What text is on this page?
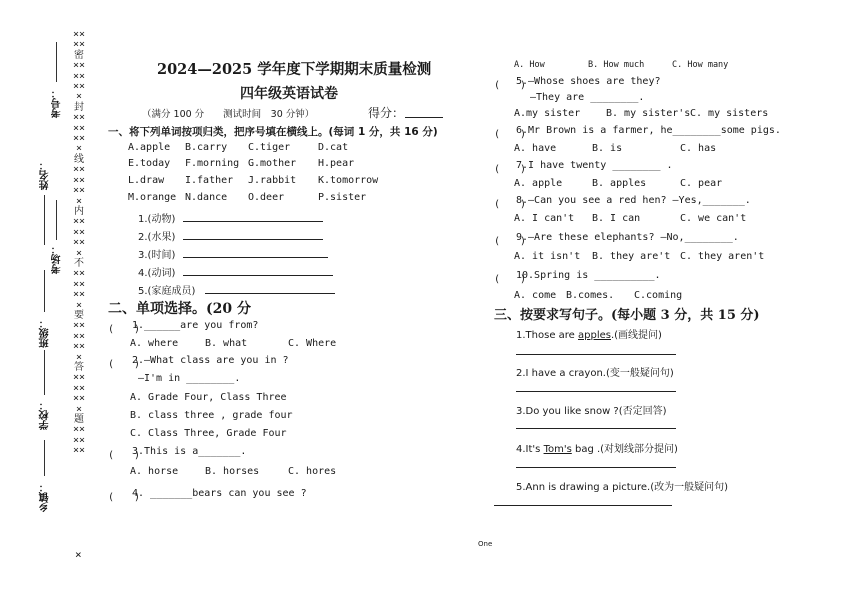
××××密×××××××封×××××××线×××××××内×××××××不×××××××要×××××××答×××××××题××××××
×
考号：
姓名：
考场：
班级：
学校：
乡镇：
2024—2025 学年度下学期期末质量检测
四年级英语试卷
（满分 100 分　　测试时间　30 分钟）	得分：
一、将下列单词按项归类，把序号填在横线上。(每词 1 分，共 16 分)
A.apple B.carry C.tiger	D.cat
E.today F.morning G.mother H.pear
L.draw I.father J.rabbit K.tomorrow
M.orange N.dance O.deer	P.sister
1.(动物)
2.(水果)
3.(时间)
4.(动词)
5.(家庭成员)
二、单项选择。(20 分
(　　)
1.______are you from?
A. where	B. what	C. Where
(　　)
2.—What class are you in ?
—I'm in ________.
A. Grade Four, Class Three
B. class three , grade four
C. Class Three, Grade Four
(　　)
3.This is a_______.
A. horse	B. horses	C. hores
(　　)
4. _______bears can you see ?
A. How	B. How much	C. How many
(　　)
5.—Whose shoes are they?
—They are ________.
A.my sister	B. my sister's C. my sisters
(　　)
6.Mr Brown is a farmer, he________some pigs.
A. have	B. is	C. has
(　　)
7.I have twenty ________ .
A. apple	B. apples	C. pear
(　　)
8.—Can you see a red hen? —Yes,_______.
A. I can't B. I can	C. we can't
(　　)
9.—Are these elephants? —No,________.
A. it isn't B. they are't C. they aren't
(　　)
10.Spring is __________.
A. come B.comes. C.coming
三、按要求写句子。(每小题 3 分，共 15 分)
1.Those are apples.(画线提问)
2.I have a crayon.(变一般疑问句)
3.Do you like snow ?(否定回答)
4.It's Tom's bag .(对划线部分提问)
5.Ann is drawing a picture.(改为一般疑问句)
One
